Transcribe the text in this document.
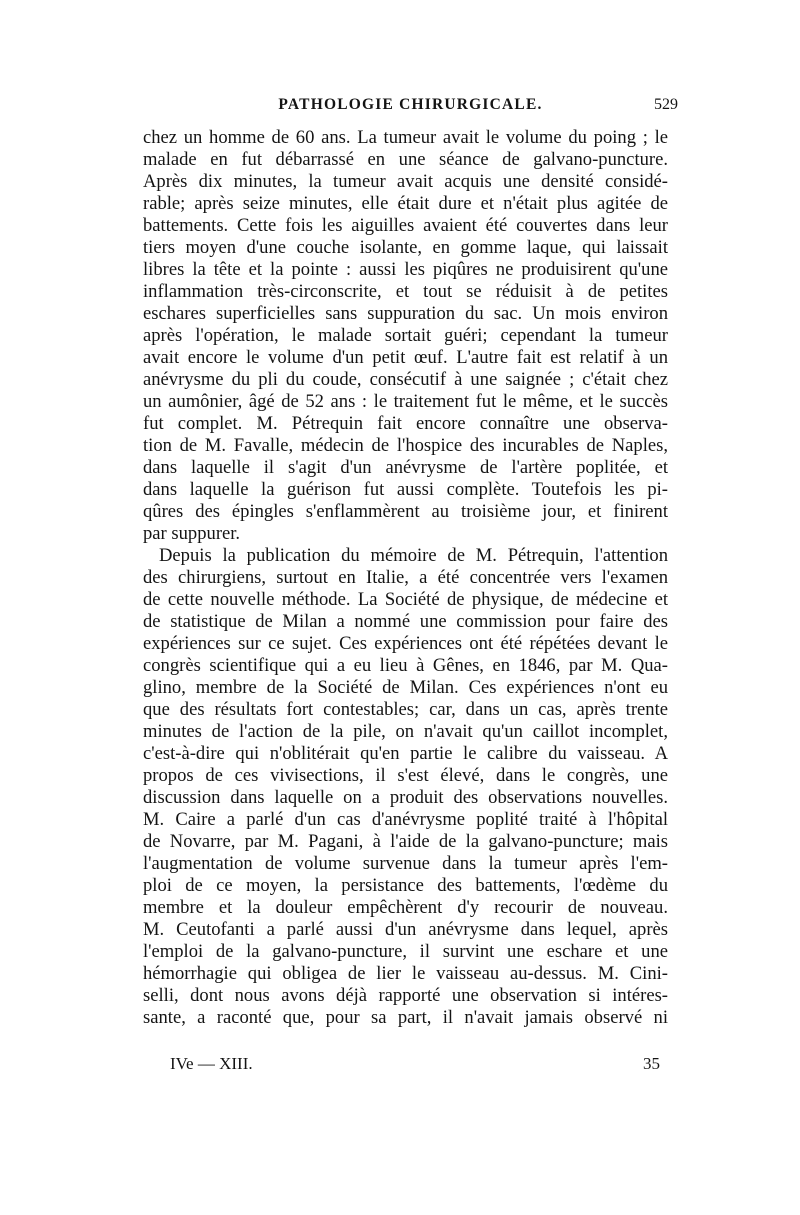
PATHOLOGIE CHIRURGICALE.	529
chez un homme de 60 ans. La tumeur avait le volume du poing ; le
malade en fut débarrassé en une séance de galvano-puncture.
Après dix minutes, la tumeur avait acquis une densité considé-
rable; après seize minutes, elle était dure et n'était plus agitée de
battements. Cette fois les aiguilles avaient été couvertes dans leur
tiers moyen d'une couche isolante, en gomme laque, qui laissait
libres la tête et la pointe : aussi les piqûres ne produisirent qu'une
inflammation très-circonscrite, et tout se réduisit à de petites
eschares superficielles sans suppuration du sac. Un mois environ
après l'opération, le malade sortait guéri; cependant la tumeur
avait encore le volume d'un petit œuf. L'autre fait est relatif à un
anévrysme du pli du coude, consécutif à une saignée ; c'était chez
un aumônier, âgé de 52 ans : le traitement fut le même, et le succès
fut complet. M. Pétrequin fait encore connaître une observa-
tion de M. Favalle, médecin de l'hospice des incurables de Naples,
dans laquelle il s'agit d'un anévrysme de l'artère poplitée, et
dans laquelle la guérison fut aussi complète. Toutefois les pi-
qûres des épingles s'enflammèrent au troisième jour, et finirent
par suppurer.
Depuis la publication du mémoire de M. Pétrequin, l'attention
des chirurgiens, surtout en Italie, a été concentrée vers l'examen
de cette nouvelle méthode. La Société de physique, de médecine et
de statistique de Milan a nommé une commission pour faire des
expériences sur ce sujet. Ces expériences ont été répétées devant le
congrès scientifique qui a eu lieu à Gênes, en 1846, par M. Qua-
glino, membre de la Société de Milan. Ces expériences n'ont eu
que des résultats fort contestables; car, dans un cas, après trente
minutes de l'action de la pile, on n'avait qu'un caillot incomplet,
c'est-à-dire qui n'oblitérait qu'en partie le calibre du vaisseau. A
propos de ces vivisections, il s'est élevé, dans le congrès, une
discussion dans laquelle on a produit des observations nouvelles.
M. Caire a parlé d'un cas d'anévrysme poplité traité à l'hôpital
de Novarre, par M. Pagani, à l'aide de la galvano-puncture; mais
l'augmentation de volume survenue dans la tumeur après l'em-
ploi de ce moyen, la persistance des battements, l'œdème du
membre et la douleur empêchèrent d'y recourir de nouveau.
M. Ceutofanti a parlé aussi d'un anévrysme dans lequel, après
l'emploi de la galvano-puncture, il survint une eschare et une
hémorrhagie qui obligea de lier le vaisseau au-dessus. M. Cini-
selli, dont nous avons déjà rapporté une observation si intéres-
sante, a raconté que, pour sa part, il n'avait jamais observé ni
IVe — XIII.	35
